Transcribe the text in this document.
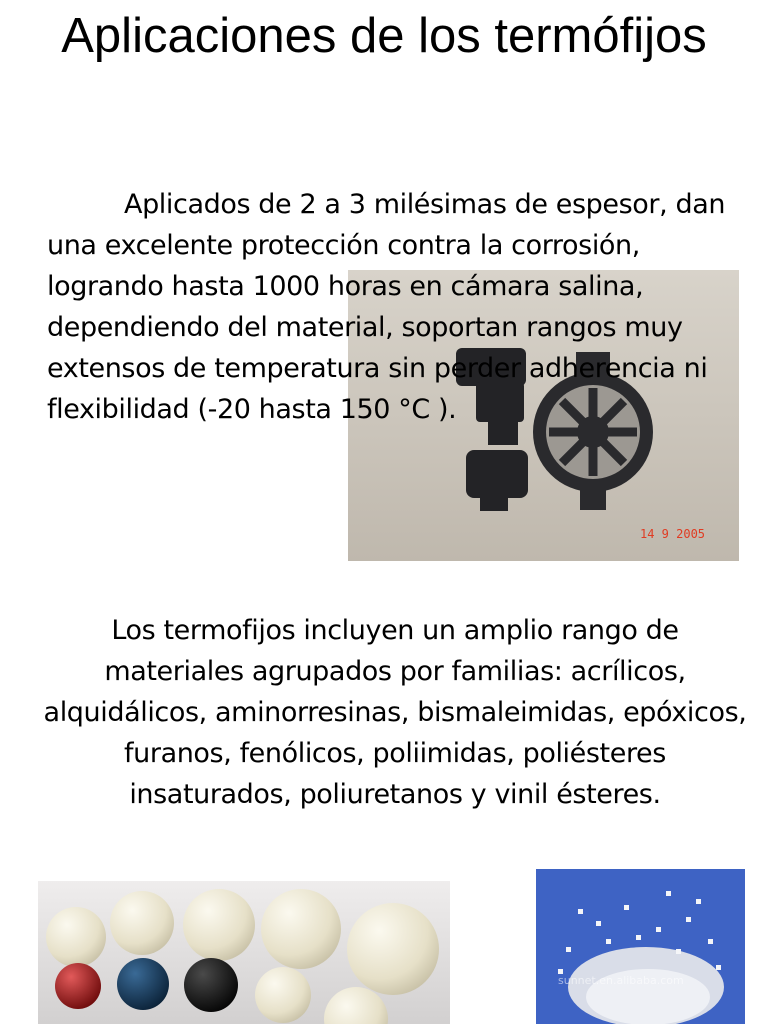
Aplicaciones de los termófijos
14 9 2005

Aplicados de 2 a 3 milésimas de espesor, dan una excelente protección contra la corrosión, logrando hasta 1000 horas en cámara salina, dependiendo del material, soportan rangos muy extensos de temperatura sin perder adherencia ni flexibilidad (-20 hasta 150 °C ).

Los termofijos incluyen un amplio rango de materiales agrupados por familias: acrílicos, alquidálicos, aminorresinas, bismaleimidas, epóxicos, furanos, fenólicos, poliimidas, poliésteres insaturados, poliuretanos y vinil ésteres.

sunnet.en.alibaba.com
